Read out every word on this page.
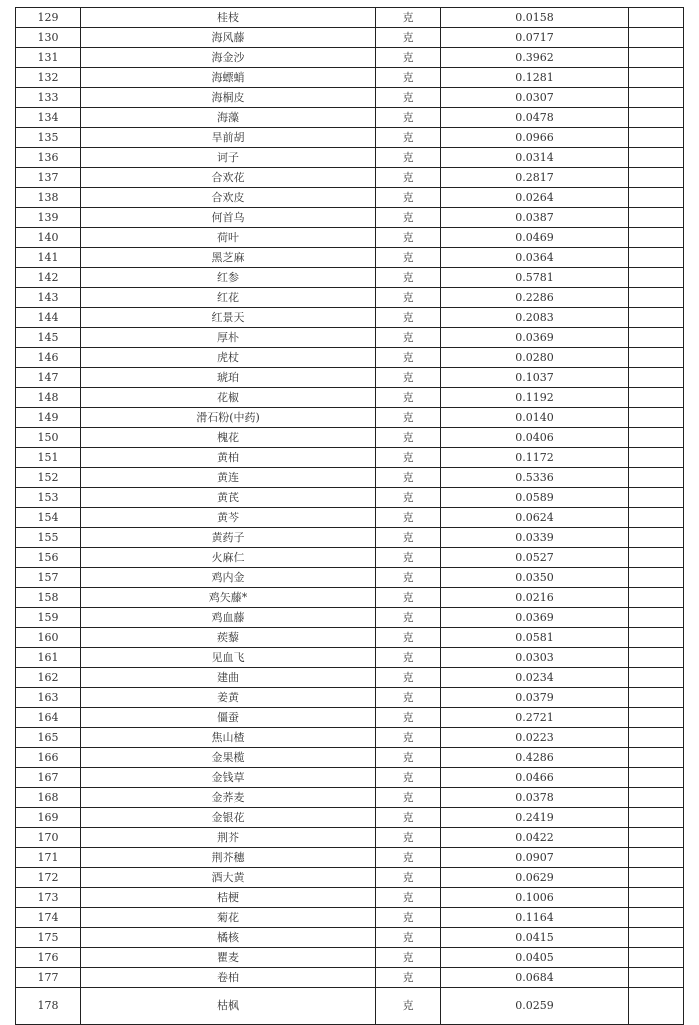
129	桂枝	克	0.0158	
130	海风藤	克	0.0717	
131	海金沙	克	0.3962	
132	海螵蛸	克	0.1281	
133	海桐皮	克	0.0307	
134	海藻	克	0.0478	
135	旱前胡	克	0.0966	
136	诃子	克	0.0314	
137	合欢花	克	0.2817	
138	合欢皮	克	0.0264	
139	何首乌	克	0.0387	
140	荷叶	克	0.0469	
141	黑芝麻	克	0.0364	
142	红参	克	0.5781	
143	红花	克	0.2286	
144	红景天	克	0.2083	
145	厚朴	克	0.0369	
146	虎杖	克	0.0280	
147	琥珀	克	0.1037	
148	花椒	克	0.1192	
149	滑石粉(中药)	克	0.0140	
150	槐花	克	0.0406	
151	黄柏	克	0.1172	
152	黄连	克	0.5336	
153	黄芪	克	0.0589	
154	黄芩	克	0.0624	
155	黄药子	克	0.0339	
156	火麻仁	克	0.0527	
157	鸡内金	克	0.0350	
158	鸡矢藤*	克	0.0216	
159	鸡血藤	克	0.0369	
160	蒺藜	克	0.0581	
161	见血飞	克	0.0303	
162	建曲	克	0.0234	
163	姜黄	克	0.0379	
164	僵蚕	克	0.2721	
165	焦山楂	克	0.0223	
166	金果榄	克	0.4286	
167	金钱草	克	0.0466	
168	金荞麦	克	0.0378	
169	金银花	克	0.2419	
170	荆芥	克	0.0422	
171	荆芥穗	克	0.0907	
172	酒大黄	克	0.0629	
173	桔梗	克	0.1006	
174	菊花	克	0.1164	
175	橘核	克	0.0415	
176	瞿麦	克	0.0405	
177	卷柏	克	0.0684	
178	枯枫	克	0.0259	
